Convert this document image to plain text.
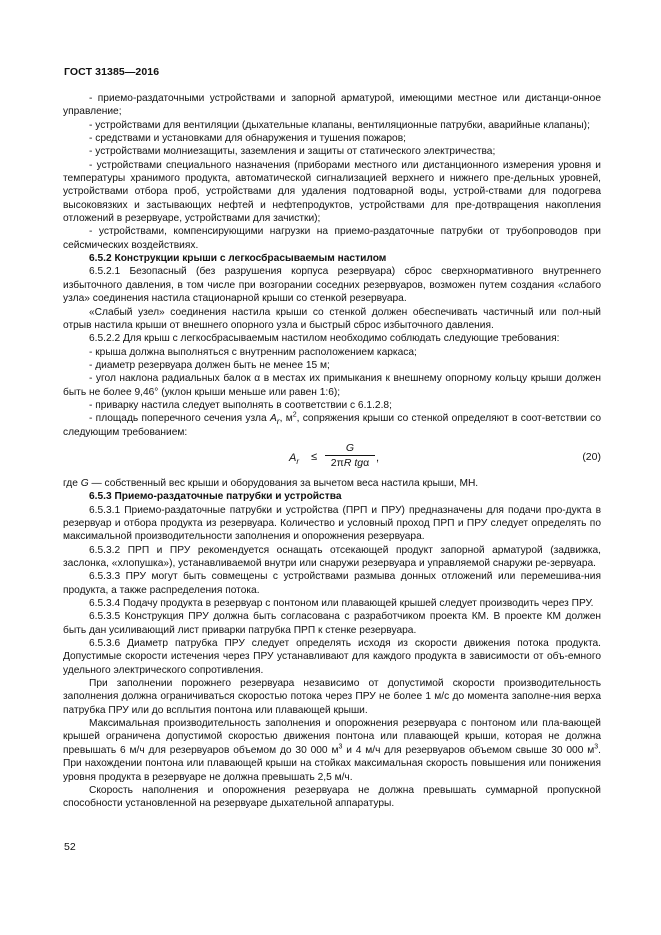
ГОСТ 31385—2016

- приемо-раздаточными устройствами и запорной арматурой, имеющими местное или дистанци-онное управление;

- устройствами для вентиляции (дыхательные клапаны, вентиляционные патрубки, аварийные клапаны);

- средствами и установками для обнаружения и тушения пожаров;

- устройствами молниезащиты, заземления и защиты от статического электричества;

- устройствами специального назначения (приборами местного или дистанционного измерения уровня и температуры хранимого продукта, автоматической сигнализацией верхнего и нижнего пре-дельных уровней, устройствами отбора проб, устройствами для удаления подтоварной воды, устрой-ствами для подогрева высоковязких и застывающих нефтей и нефтепродуктов, устройствами для пре-дотвращения накопления отложений в резервуаре, устройствами для зачистки);

- устройствами, компенсирующими нагрузки на приемо-раздаточные патрубки от трубопроводов при сейсмических воздействиях.

6.5.2 Конструкции крыши с легкосбрасываемым настилом

6.5.2.1 Безопасный (без разрушения корпуса резервуара) сброс сверхнормативного внутреннего избыточного давления, в том числе при возгорании соседних резервуаров, возможен путем создания «слабого узла» соединения настила стационарной крыши со стенкой резервуара.

«Слабый узел» соединения настила крыши со стенкой должен обеспечивать частичный или пол-ный отрыв настила крыши от внешнего опорного узла и быстрый сброс избыточного давления.

6.5.2.2 Для крыш с легкосбрасываемым настилом необходимо соблюдать следующие требования:

- крыша должна выполняться с внутренним расположением каркаса;

- диаметр резервуара должен быть не менее 15 м;

- угол наклона радиальных балок α в местах их примыкания к внешнему опорному кольцу крыши должен быть не более 9,46° (уклон крыши меньше или равен 1:6);

- приварку настила следует выполнять в соответствии с 6.1.2.8;

- площадь поперечного сечения узла $A_r$, $м^2$, сопряжения крыши со стенкой определяют в соот-ветствии со следующим требованием:

$A_r$ ≤
G
2πR tgα ,	(20)

где G — собственный вес крыши и оборудования за вычетом веса настила крыши, МН.

6.5.3 Приемо-раздаточные патрубки и устройства

6.5.3.1 Приемо-раздаточные патрубки и устройства (ПРП и ПРУ) предназначены для подачи про-дукта в резервуар и отбора продукта из резервуара. Количество и условный проход ПРП и ПРУ следует определять по максимальной производительности заполнения и опорожнения резервуара.

6.5.3.2 ПРП и ПРУ рекомендуется оснащать отсекающей продукт запорной арматурой (задвижка, заслонка, «хлопушка»), устанавливаемой внутри или снаружи резервуара и управляемой снаружи ре-зервуара.

6.5.3.3 ПРУ могут быть совмещены с устройствами размыва донных отложений или перемешива-ния продукта, а также распределения потока.

6.5.3.4 Подачу продукта в резервуар с понтоном или плавающей крышей следует производить через ПРУ.

6.5.3.5 Конструкция ПРУ должна быть согласована с разработчиком проекта КМ. В проекте КМ должен быть дан усиливающий лист приварки патрубка ПРП к стенке резервуара.

6.5.3.6 Диаметр патрубка ПРУ следует определять исходя из скорости движения потока продукта. Допустимые скорости истечения через ПРУ устанавливают для каждого продукта в зависимости от объ-емного удельного электрического сопротивления.

При заполнении порожнего резервуара независимо от допустимой скорости производительность заполнения должна ограничиваться скоростью потока через ПРУ не более 1 м/с до момента заполне-ния верха патрубка ПРУ или до всплытия понтона или плавающей крыши.

Максимальная производительность заполнения и опорожнения резервуара с понтоном или пла-вающей крышей ограничена допустимой скоростью движения понтона или плавающей крыши, которая не должна превышать 6 м/ч для резервуаров объемом до 30 000 $м^3$ и 4 м/ч для резервуаров объемом свыше 30 000 $м^3$. При нахождении понтона или плавающей крыши на стойках максимальная скорость повышения или понижения уровня продукта в резервуаре не должна превышать 2,5 м/ч.

Скорость наполнения и опорожнения резервуара не должна превышать суммарной пропускной способности установленной на резервуаре дыхательной аппаратуры.

52
